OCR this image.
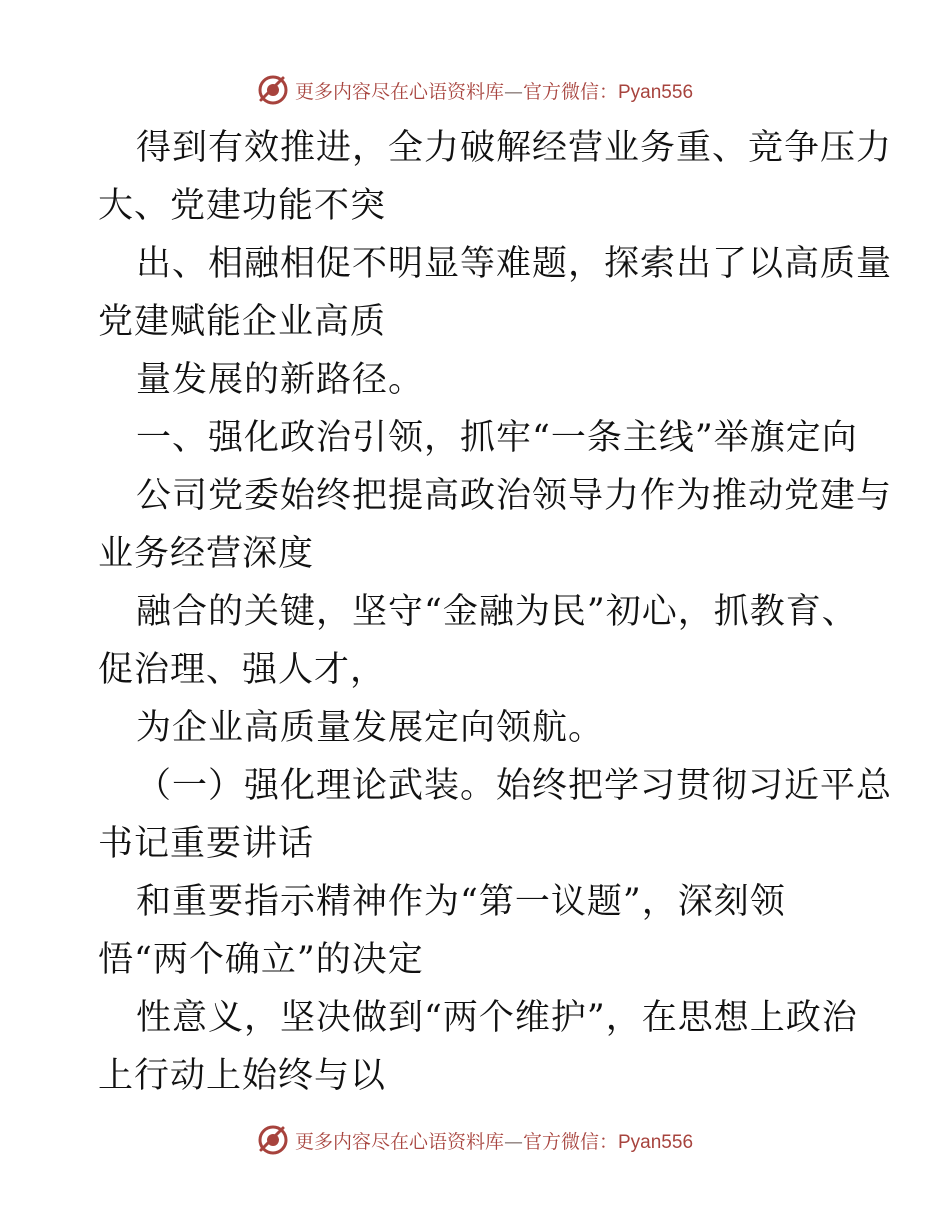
更多内容尽在心语资料库—官方微信：Pyan556
得到有效推进，全力破解经营业务重、竞争压力
大、党建功能不突
出、相融相促不明显等难题，探索出了以高质量
党建赋能企业高质
量发展的新路径。
一、强化政治引领，抓牢“一条主线”举旗定向
公司党委始终把提高政治领导力作为推动党建与
业务经营深度
融合的关键，坚守“金融为民”初心，抓教育、
促治理、强人才，
为企业高质量发展定向领航。
（一）强化理论武装。始终把学习贯彻习近平总
书记重要讲话
和重要指示精神作为“第一议题”，深刻领
悟“两个确立”的决定
性意义，坚决做到“两个维护”，在思想上政治
上行动上始终与以
更多内容尽在心语资料库—官方微信：Pyan556
